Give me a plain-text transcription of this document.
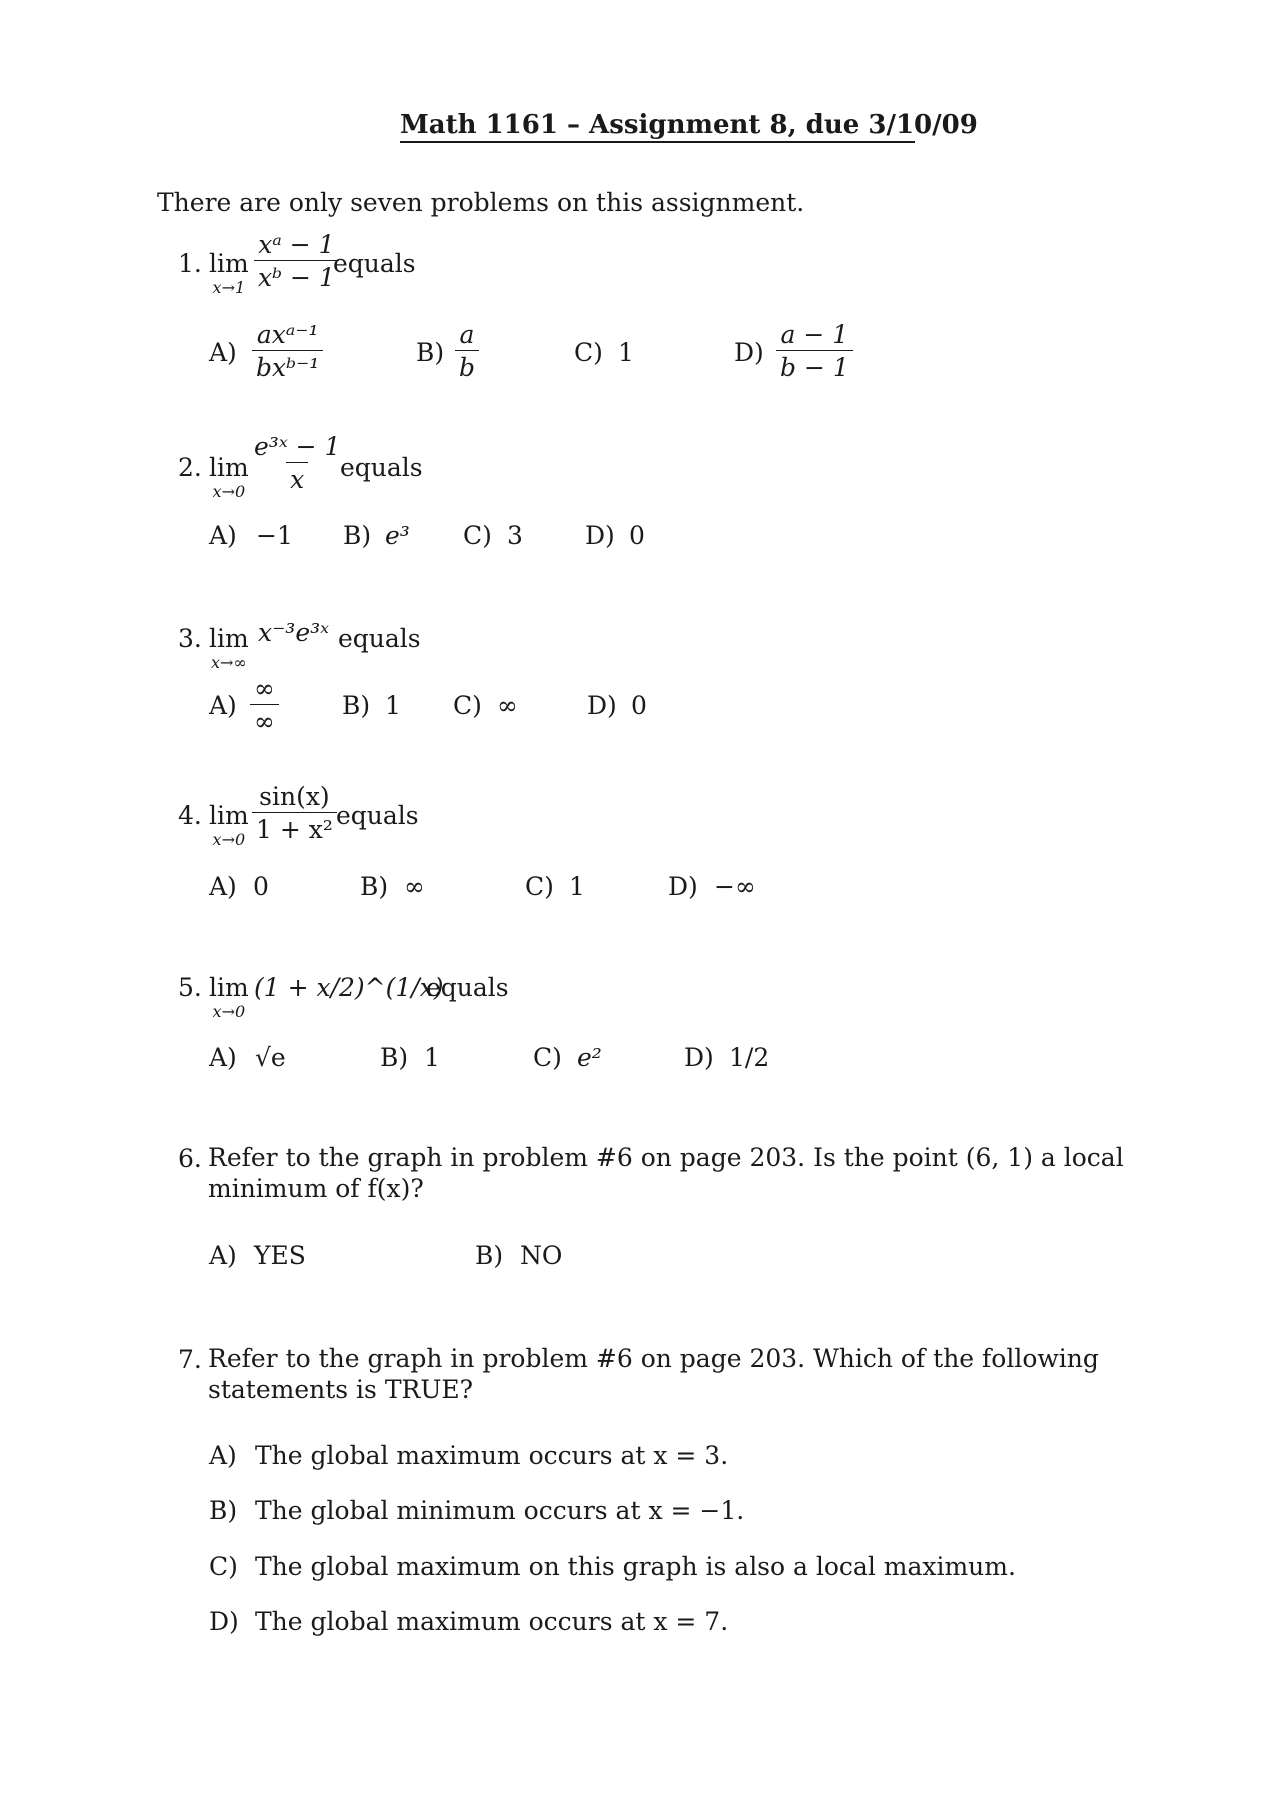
Math 1161 – Assignment 8, due 3/10/09
There are only seven problems on this assignment.
1. lim
$x\to 1 \frac{\text{xᵃ − 1}}{\text{xᵇ − 1}}$
equals
A)
axᵃ⁻¹
bxᵇ⁻¹
$B) \frac{a}{b}$	C) 1	$D) \frac{a - 1}{b - 1}$
2. lim
$x\to 0 \frac{\text{e³ˣ − 1}}{x}$
equals
A) −1 B) e³ C) 3 D) 0
3. lim
x→∞
x⁻³e³ˣ equals
A)
∞
∞
B) 1 C) ∞	D) 0
4. lim
$x\to 0 \frac{\sin(x)}{\text{1 + x²}}$ equals
A) 0	B) ∞	C) 1	D) −∞
5. lim
x→0
(1 + x/2)^(1/x)
equals
A) √e	B) 1	C) e²	D) 1/2
6. Refer to the graph in problem #6 on page 203. Is the point (6, 1) a local minimum of f(x)?
A) YES	B) NO
7. Refer to the graph in problem #6 on page 203. Which of the following statements is TRUE?
A) The global maximum occurs at x = 3.
B) The global minimum occurs at x = −1.
C) The global maximum on this graph is also a local maximum.
D) The global maximum occurs at x = 7.
